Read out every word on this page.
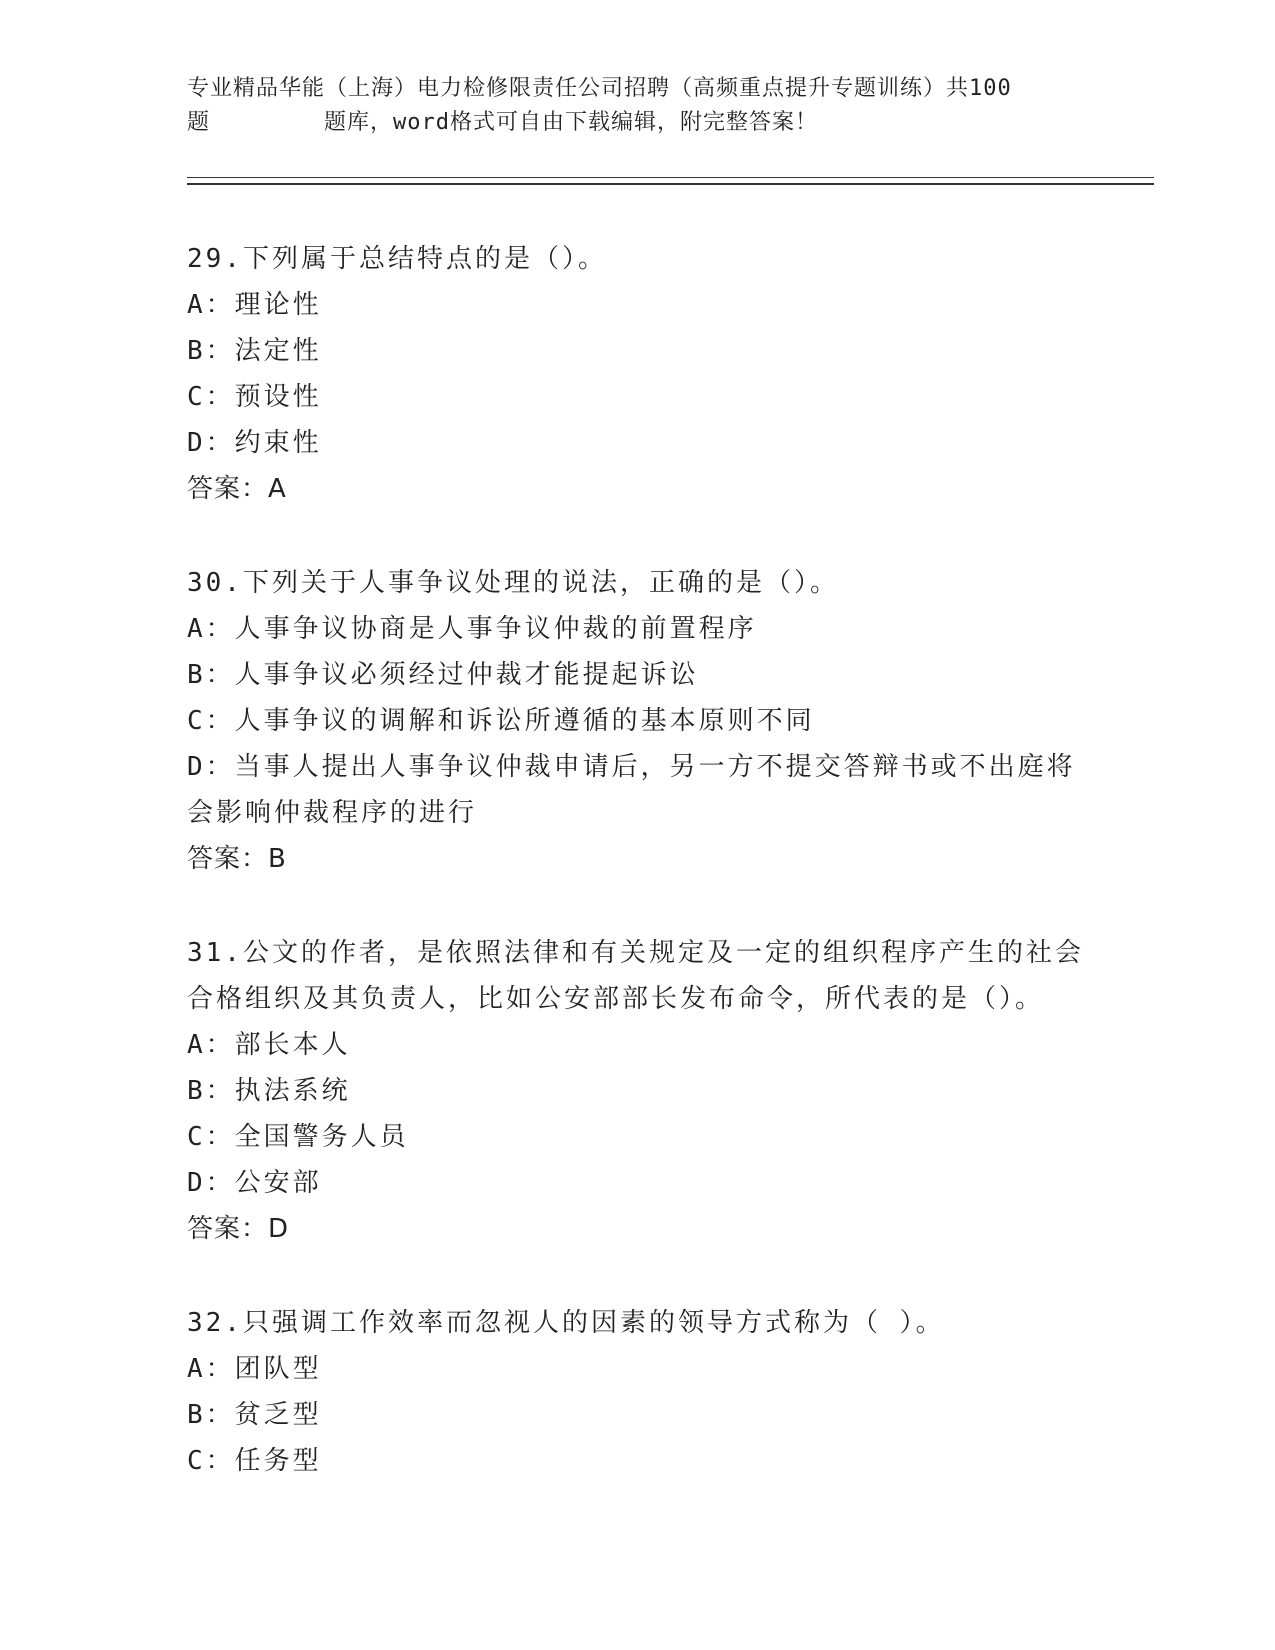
专业精品华能（上海）电力检修限责任公司招聘（高频重点提升专题训练）共100
题        题库，word格式可自由下载编辑，附完整答案！
29.下列属于总结特点的是（）。
A：理论性
B：法定性
C：预设性
D：约束性
答案：A
30.下列关于人事争议处理的说法，正确的是（）。
A：人事争议协商是人事争议仲裁的前置程序
B：人事争议必须经过仲裁才能提起诉讼
C：人事争议的调解和诉讼所遵循的基本原则不同
D：当事人提出人事争议仲裁申请后，另一方不提交答辩书或不出庭将
会影响仲裁程序的进行
答案：B
31.公文的作者，是依照法律和有关规定及一定的组织程序产生的社会
合格组织及其负责人，比如公安部部长发布命令，所代表的是（）。
A：部长本人
B：执法系统
C：全国警务人员
D：公安部
答案：D
32.只强调工作效率而忽视人的因素的领导方式称为（ ）。
A：团队型
B：贫乏型
C：任务型
